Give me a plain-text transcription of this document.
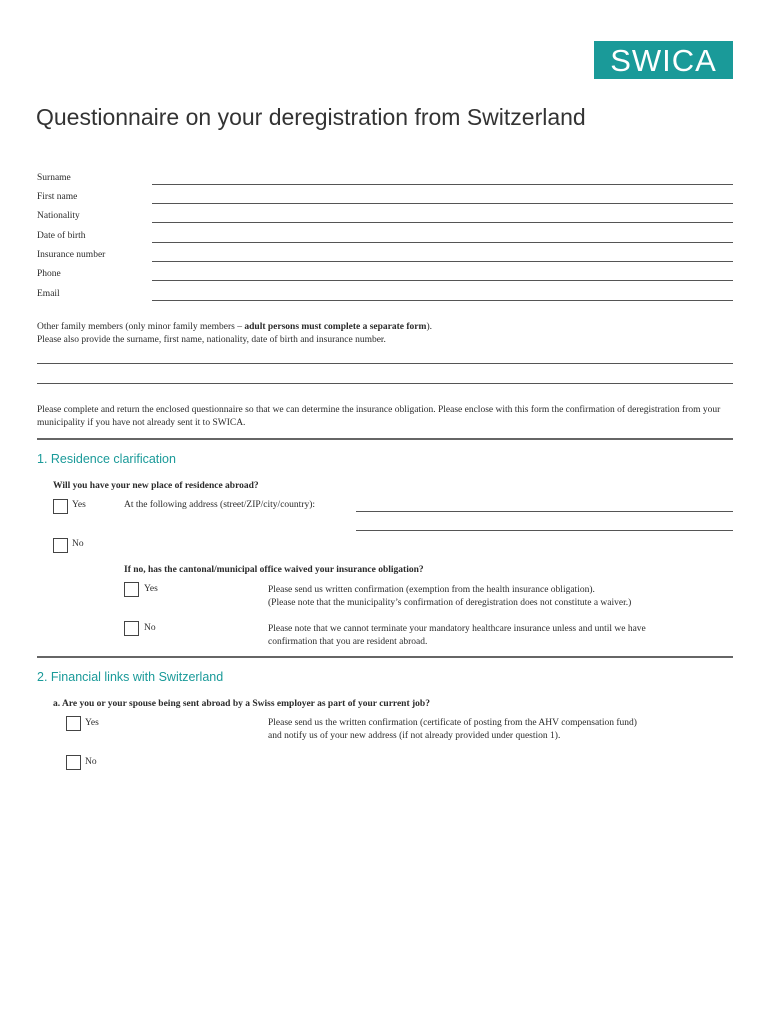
SWICA
Questionnaire on your deregistration from Switzerland
Surname
First name
Nationality
Date of birth
Insurance number
Phone
Email
Other family members (only minor family members – adult persons must complete a separate form).
Please also provide the surname, first name, nationality, date of birth and insurance number.
Please complete and return the enclosed questionnaire so that we can determine the insurance obligation. Please enclose with this form the confirmation of deregistration from your municipality if you have not already sent it to SWICA.
1. Residence clarification
Will you have your new place of residence abroad?
Yes	At the following address (street/ZIP/city/country):
No
If no, has the cantonal/municipal office waived your insurance obligation?
Yes	Please send us written confirmation (exemption from the health insurance obligation).
(Please note that the municipality’s confirmation of deregistration does not constitute a waiver.)
No	Please note that we cannot terminate your mandatory healthcare insurance unless and until we have
confirmation that you are resident abroad.
2. Financial links with Switzerland
a. Are you or your spouse being sent abroad by a Swiss employer as part of your current job?
Yes	Please send us the written confirmation (certificate of posting from the AHV compensation fund)
and notify us of your new address (if not already provided under question 1).
No
